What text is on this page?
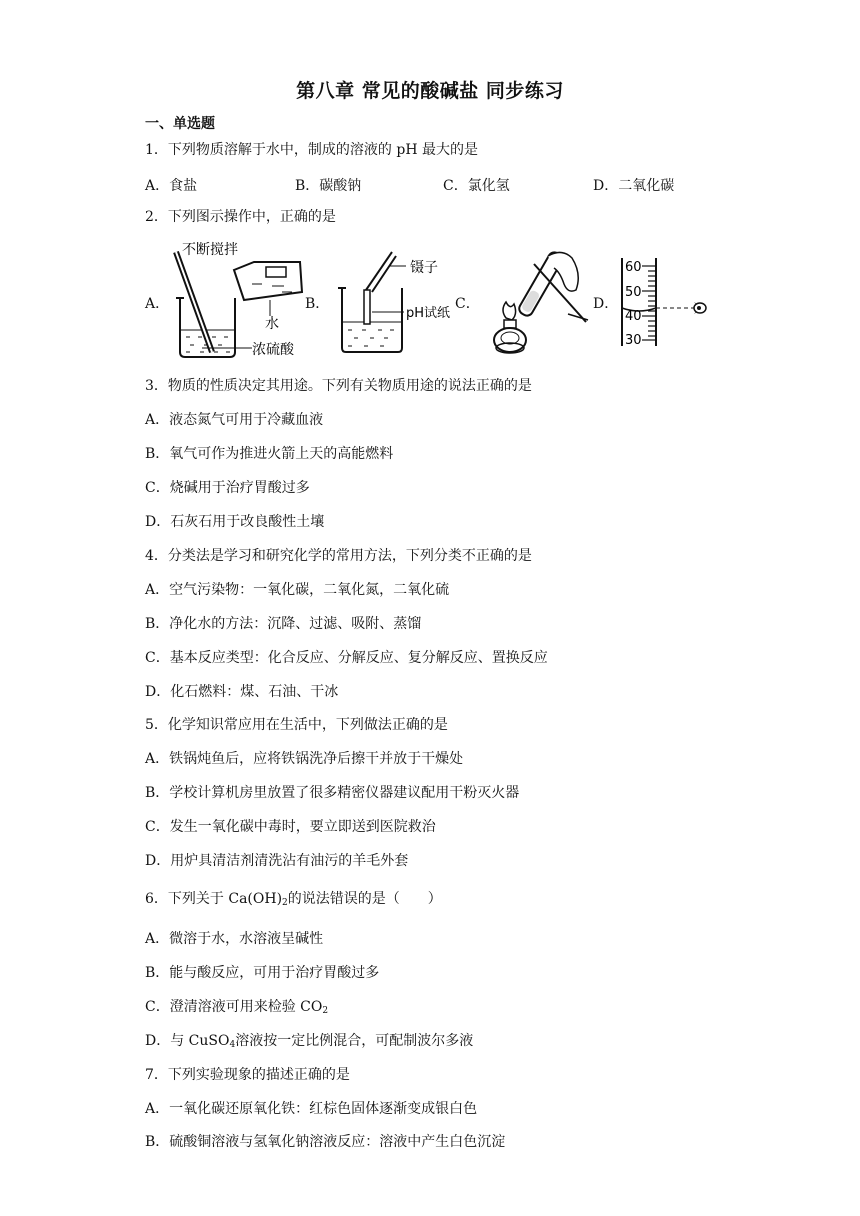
第八章 常见的酸碱盐 同步练习
一、单选题
1．下列物质溶解于水中，制成的溶液的 pH 最大的是
A．食盐	B．碳酸钠	C．氯化氢	D．二氧化碳
2．下列图示操作中，正确的是
A．
不断搅拌
水
浓硫酸
B．
镊子
pH试纸
C．	D．
60
50
40
30
3．物质的性质决定其用途。下列有关物质用途的说法正确的是
A．液态氮气可用于冷藏血液
B．氧气可作为推进火箭上天的高能燃料
C．烧碱用于治疗胃酸过多
D．石灰石用于改良酸性土壤
4．分类法是学习和研究化学的常用方法，下列分类不正确的是
A．空气污染物：一氧化碳，二氧化氮，二氧化硫
B．净化水的方法：沉降、过滤、吸附、蒸馏
C．基本反应类型：化合反应、分解反应、复分解反应、置换反应
D．化石燃料：煤、石油、干冰
5．化学知识常应用在生活中，下列做法正确的是
A．铁锅炖鱼后，应将铁锅洗净后擦干并放于干燥处
B．学校计算机房里放置了很多精密仪器建议配用干粉灭火器
C．发生一氧化碳中毒时，要立即送到医院救治
D．用炉具清洁剂清洗沾有油污的羊毛外套
6．下列关于 $Ca(OH)_2$的说法错误的是（　　）
A．微溶于水，水溶液呈碱性
B．能与酸反应，可用于治疗胃酸过多
C．澄清溶液可用来检验 $CO_2$
D．与 CuSO$_4$溶液按一定比例混合，可配制波尔多液
7．下列实验现象的描述正确的是
A．一氧化碳还原氧化铁：红棕色固体逐渐变成银白色
B．硫酸铜溶液与氢氧化钠溶液反应：溶液中产生白色沉淀
